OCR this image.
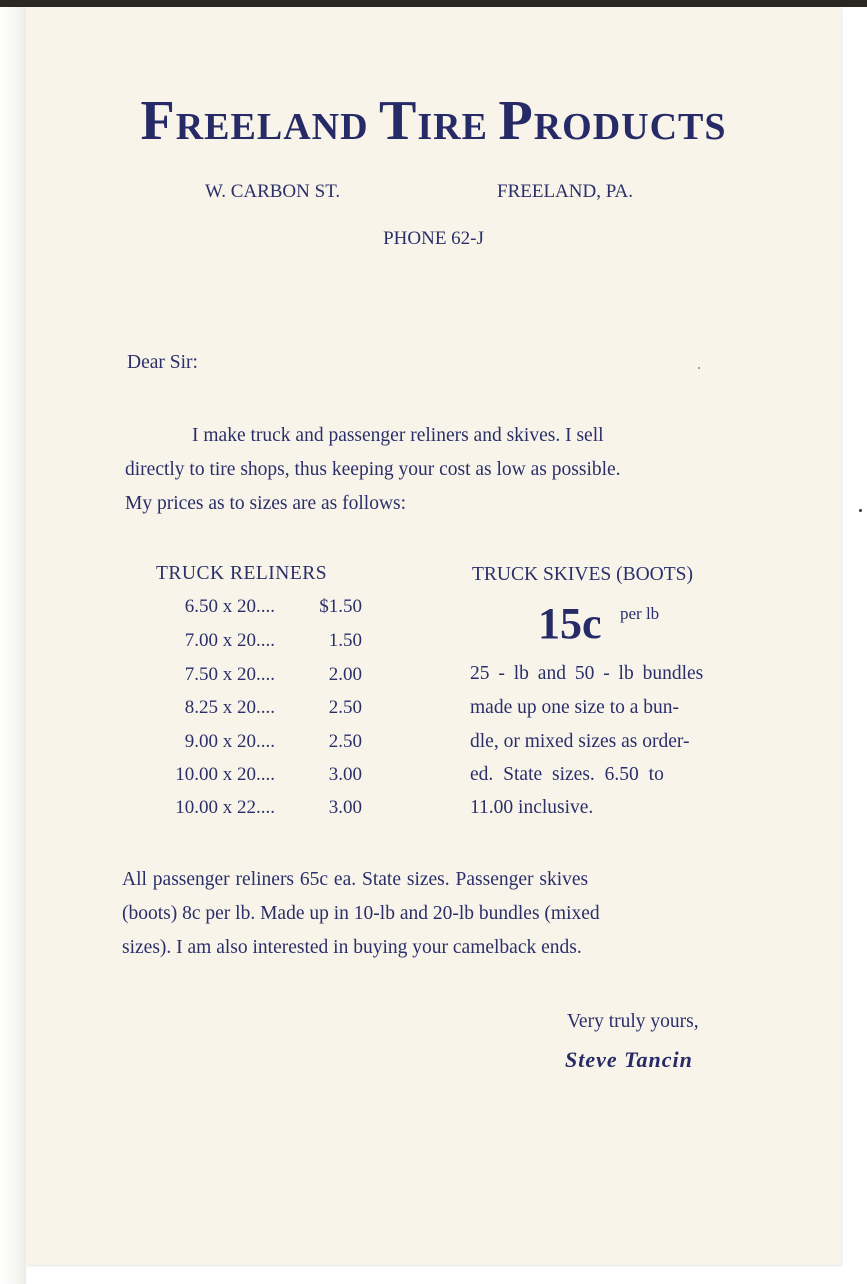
FREELAND TIRE PRODUCTS
W. CARBON ST.	FREELAND, PA.
PHONE 62-J
Dear Sir:
I make truck and passenger reliners and skives. I sell
directly to tire shops, thus keeping your cost as low as possible.
My prices as to sizes are as follows:
TRUCK RELINERS
6.50 x 20 ....	$1.50
7.00 x 20 ....	1.50
7.50 x 20 ....	2.00
8.25 x 20 ....	2.50
9.00 x 20 ....	2.50
10.00 x 20 ....	3.00
10.00 x 22 ....	3.00
TRUCK SKIVES (BOOTS)
15c per lb
25 - lb and 50 - lb bundles
made up one size to a bun-
dle, or mixed sizes as order-
ed. State sizes. 6.50 to
11.00 inclusive.
All passenger reliners 65c ea. State sizes. Passenger skives
(boots) 8c per lb. Made up in 10-lb and 20-lb bundles (mixed
sizes). I am also interested in buying your camelback ends.
Very truly yours,
Steve Tancin
